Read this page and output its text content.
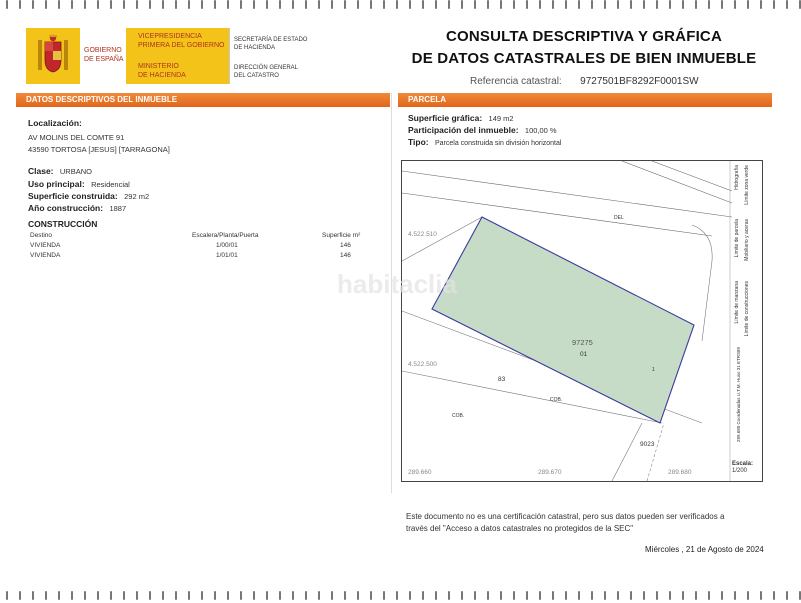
GOBIERNO
DE ESPAÑA
VICEPRESIDENCIA
PRIMERA DEL GOBIERNO
MINISTERIO
DE HACIENDA
SECRETARÍA DE ESTADO
DE HACIENDA
DIRECCIÓN GENERAL
DEL CATASTRO
CONSULTA DESCRIPTIVA Y GRÁFICA
DE DATOS CATASTRALES DE BIEN INMUEBLE
Referencia catastral: 9727501BF8292F0001SW
DATOS DESCRIPTIVOS DEL INMUEBLE
Localización:
AV MOLINS DEL COMTE 91
43590 TORTOSA [JESUS] [TARRAGONA]
Clase: URBANO
Uso principal: Residencial
Superficie construida: 292 m2
Año construcción: 1887
CONSTRUCCIÓN
Destino	Escalera/Planta/Puerta	Superficie m²
VIVIENDA	1/00/01	146
VIVIENDA	1/01/01	146
PARCELA
Superficie gráfica: 149 m2
Participación del inmueble: 100,00 %
Tipo: Parcela construida sin división horizontal
habitaclia
4.522.510
4.522.500
289.660	289.670	289.680
97275
01
83
9023
DEL
COB.
COB.
1
Límite zona verde
Hidrografía
Límite de parcela Mobiliario y aceras
Límite de manzana Límite de construcciones
289.680 Coordenadas U.T.M. Huso 31 ETRS89
Escala:
1/200
Este documento no es una certificación catastral, pero sus datos pueden ser verificados a
través del "Acceso a datos catastrales no protegidos de la SEC"
Miércoles , 21 de Agosto de 2024
